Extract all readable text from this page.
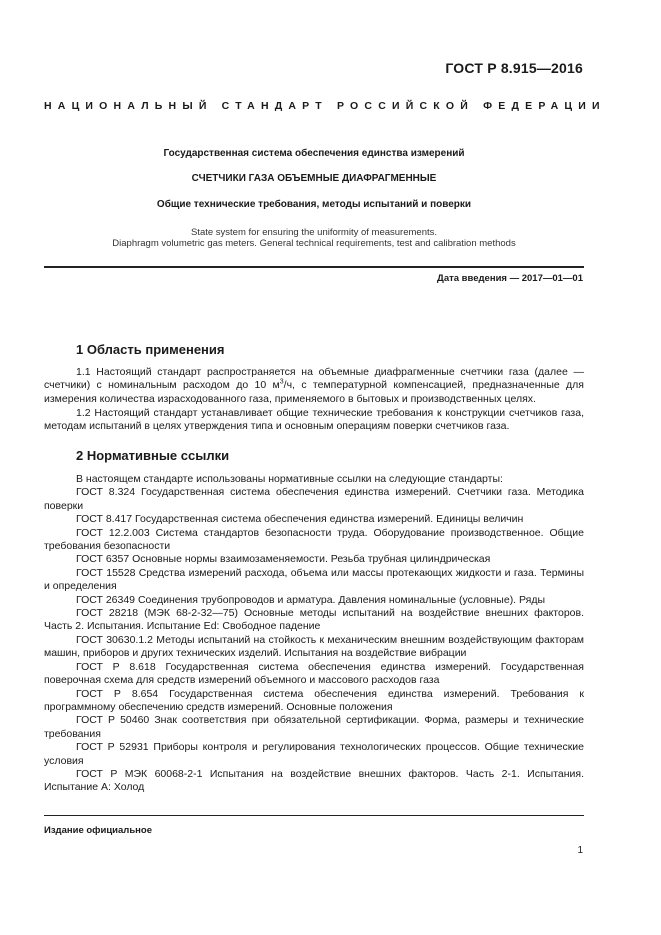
ГОСТ Р 8.915—2016
НАЦИОНАЛЬНЫЙ СТАНДАРТ РОССИЙСКОЙ ФЕДЕРАЦИИ
Государственная система обеспечения единства измерений
СЧЕТЧИКИ ГАЗА ОБЪЕМНЫЕ ДИАФРАГМЕННЫЕ
Общие технические требования, методы испытаний и поверки
State system for ensuring the uniformity of measurements.
Diaphragm volumetric gas meters. General technical requirements, test and calibration methods
Дата введения — 2017—01—01
1 Область применения

1.1 Настоящий стандарт распространяется на объемные диафрагменные счетчики газа (далее — счетчики) с номинальным расходом до 10 $м^3/ч$, с температурной компенсацией, предназначенные для измерения количества израсходованного газа, применяемого в бытовых и производственных целях.

1.2 Настоящий стандарт устанавливает общие технические требования к конструкции счетчиков газа, методам испытаний в целях утверждения типа и основным операциям поверки счетчиков газа.

2 Нормативные ссылки

В настоящем стандарте использованы нормативные ссылки на следующие стандарты:

ГОСТ 8.324 Государственная система обеспечения единства измерений. Счетчики газа. Методика поверки

ГОСТ 8.417 Государственная система обеспечения единства измерений. Единицы величин

ГОСТ 12.2.003 Система стандартов безопасности труда. Оборудование производственное. Общие требования безопасности

ГОСТ 6357 Основные нормы взаимозаменяемости. Резьба трубная цилиндрическая

ГОСТ 15528 Средства измерений расхода, объема или массы протекающих жидкости и газа. Термины и определения

ГОСТ 26349 Соединения трубопроводов и арматура. Давления номинальные (условные). Ряды

ГОСТ 28218 (МЭК 68-2-32—75) Основные методы испытаний на воздействие внешних факторов. Часть 2. Испытания. Испытание Ed: Свободное падение

ГОСТ 30630.1.2 Методы испытаний на стойкость к механическим внешним воздействующим факторам машин, приборов и других технических изделий. Испытания на воздействие вибрации

ГОСТ Р 8.618 Государственная система обеспечения единства измерений. Государственная поверочная схема для средств измерений объемного и массового расходов газа

ГОСТ Р 8.654 Государственная система обеспечения единства измерений. Требования к программному обеспечению средств измерений. Основные положения

ГОСТ Р 50460 Знак соответствия при обязательной сертификации. Форма, размеры и технические требования

ГОСТ Р 52931 Приборы контроля и регулирования технологических процессов. Общие технические условия

ГОСТ Р МЭК 60068-2-1 Испытания на воздействие внешних факторов. Часть 2-1. Испытания. Испытание А: Холод

Издание официальное
1
